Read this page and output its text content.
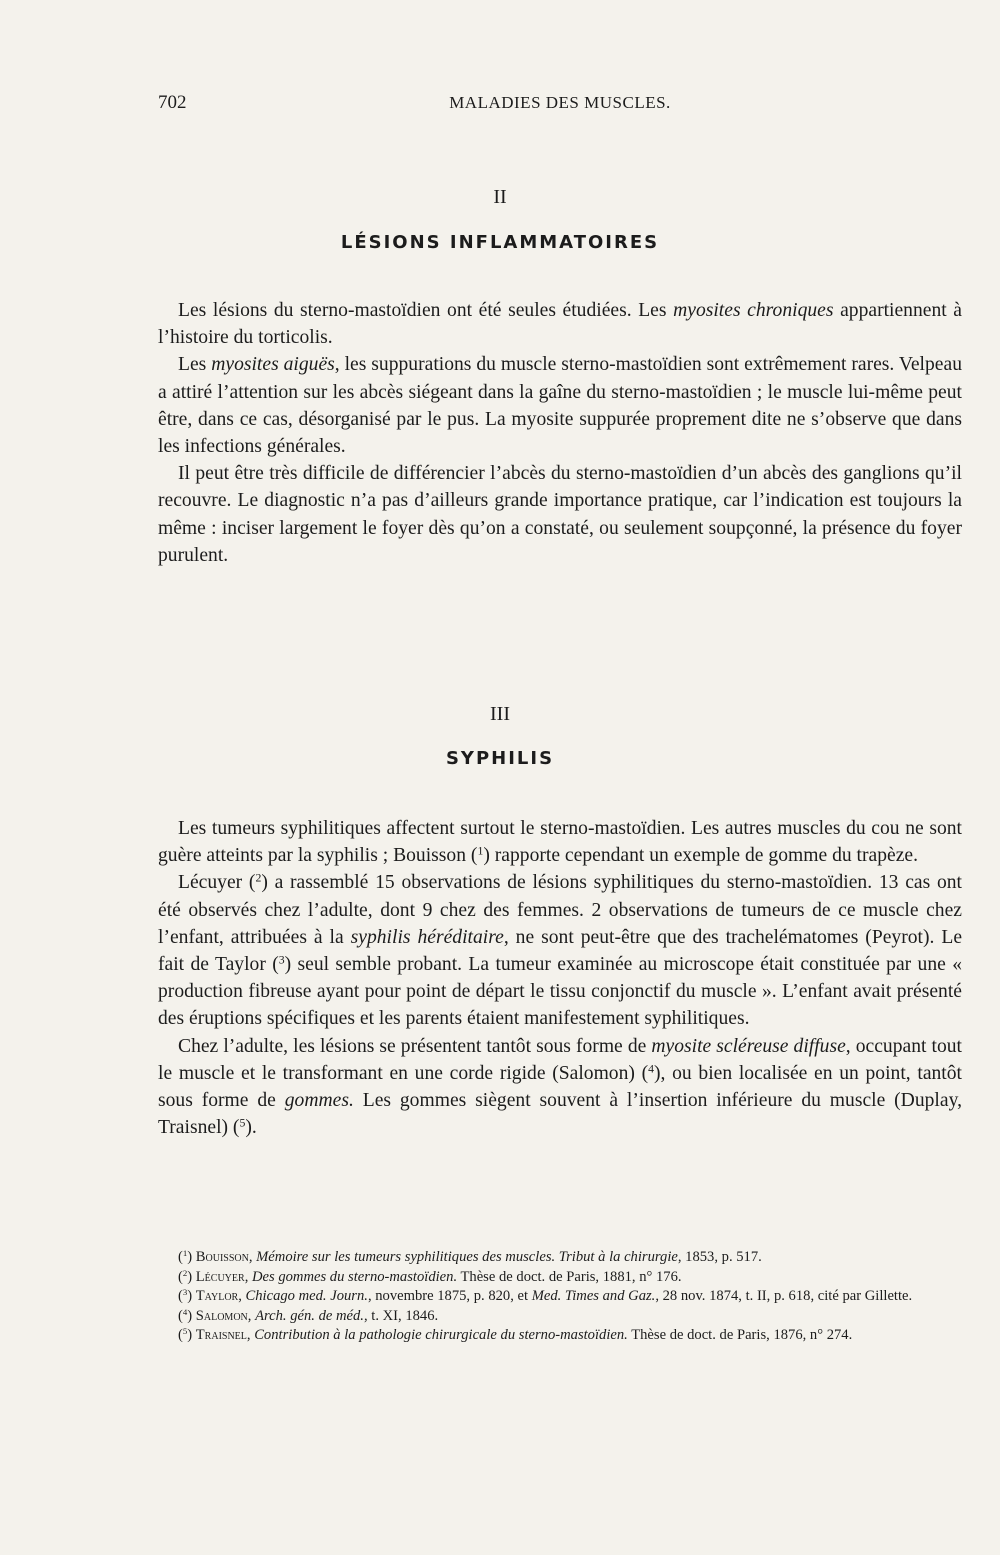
702	MALADIES DES MUSCLES.
II
LÉSIONS INFLAMMATOIRES

Les lésions du sterno-mastoïdien ont été seules étudiées. Les myosites chroniques appartiennent à l’histoire du torticolis.

Les myosites aiguës, les suppurations du muscle sterno-mastoïdien sont extrêmement rares. Velpeau a attiré l’attention sur les abcès siégeant dans la gaîne du sterno-mastoïdien ; le muscle lui-même peut être, dans ce cas, désorganisé par le pus. La myosite suppurée proprement dite ne s’observe que dans les infections générales.

Il peut être très difficile de différencier l’abcès du sterno-mastoïdien d’un abcès des ganglions qu’il recouvre. Le diagnostic n’a pas d’ailleurs grande importance pratique, car l’indication est toujours la même : inciser largement le foyer dès qu’on a constaté, ou seulement soupçonné, la présence du foyer purulent.

III
SYPHILIS

Les tumeurs syphilitiques affectent surtout le sterno-mastoïdien. Les autres muscles du cou ne sont guère atteints par la syphilis ; Bouisson ($^1$) rapporte cependant un exemple de gomme du trapèze.

Lécuyer ($^2$) a rassemblé 15 observations de lésions syphilitiques du sterno-mastoïdien. 13 cas ont été observés chez l’adulte, dont 9 chez des femmes. 2 observations de tumeurs de ce muscle chez l’enfant, attribuées à la syphilis héréditaire, ne sont peut-être que des trachelématomes (Peyrot). Le fait de Taylor ($^3$) seul semble probant. La tumeur examinée au microscope était constituée par une « production fibreuse ayant pour point de départ le tissu conjonctif du muscle ». L’enfant avait présenté des éruptions spécifiques et les parents étaient manifestement syphilitiques.

Chez l’adulte, les lésions se présentent tantôt sous forme de myosite scléreuse diffuse, occupant tout le muscle et le transformant en une corde rigide (Salomon) ($^4$), ou bien localisée en un point, tantôt sous forme de gommes. Les gommes siègent souvent à l’insertion inférieure du muscle (Duplay, Traisnel) ($^5$).

($^1$) Bouisson, Mémoire sur les tumeurs syphilitiques des muscles. Tribut à la chirurgie, 1853, p. 517.

($^2$) Lécuyer, Des gommes du sterno-mastoïdien. Thèse de doct. de Paris, 1881, n° 176.

($^3$) Taylor, Chicago med. Journ., novembre 1875, p. 820, et Med. Times and Gaz., 28 nov. 1874, t. II, p. 618, cité par Gillette.

($^4$) Salomon, Arch. gén. de méd., t. XI, 1846.

($^5$) Traisnel, Contribution à la pathologie chirurgicale du sterno-mastoïdien. Thèse de doct. de Paris, 1876, n° 274.
